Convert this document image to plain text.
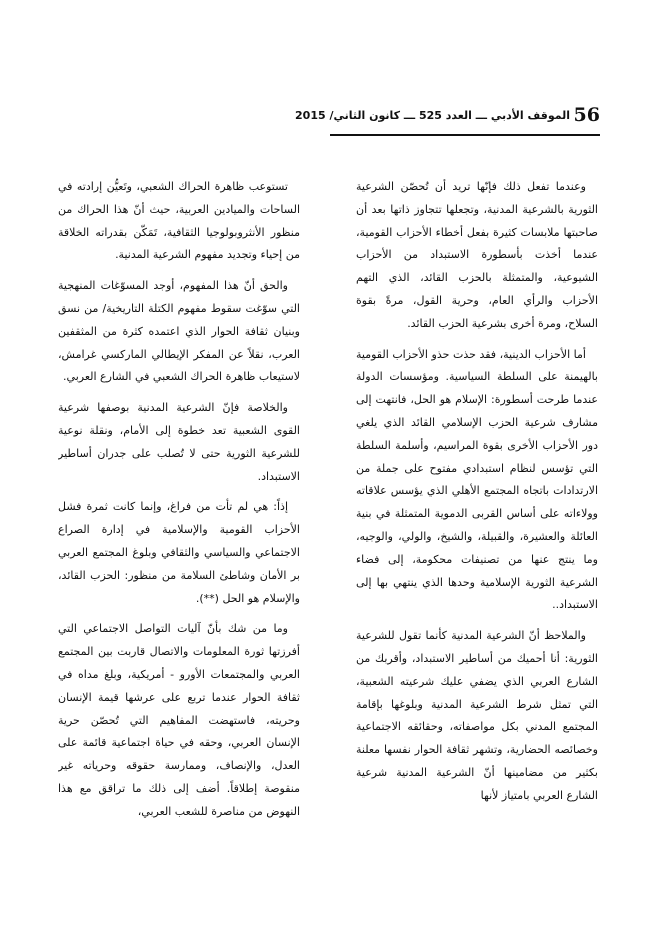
56
الموقف الأدبي ـــ العدد 525 ـــ كانون الثاني/ 2015

وعندما تفعل ذلك فإنّها تريد أن تُحصّن الشرعية الثورية بالشرعية المدنية، وتجعلها تتجاوز ذاتها بعد أن صاحبتها ملابسات كثيرة بفعل أخطاء الأحزاب القومية، عندما أخذت بأسطورة الاستبداد من الأحزاب الشيوعية، والمتمثلة بالحزب القائد، الذي التهم الأحزاب والرأي العام، وحرية القول، مرةً بقوة السلاح، ومرة أخرى بشرعية الحزب القائد.

أما الأحزاب الدينية، فقد حذت حذو الأحزاب القومية بالهيمنة على السلطة السياسية. ومؤسسات الدولة عندما طرحت أسطورة: الإسلام هو الحل، فانتهت إلى مشارف شرعية الحزب الإسلامي القائد الذي يلغي دور الأحزاب الأخرى بقوة المراسيم، وأسلمة السلطة التي تؤسس لنظام استبدادي مفتوح على جملة من الارتدادات باتجاه المجتمع الأهلي الذي يؤسس علاقاته وولاءاته على أساس القربى الدموية المتمثلة في بنية العائلة والعشيرة، والقبيلة، والشيخ، والولي، والوجيه، وما ينتج عنها من تصنيفات محكومة، إلى فضاء الشرعية الثورية الإسلامية وحدها الذي ينتهي بها إلى الاستبداد..

والملاحظ أنّ الشرعية المدنية كأنما تقول للشرعية الثورية: أنا أحميك من أساطير الاستبداد، وأقربك من الشارع العربي الذي يضفي عليك شرعيته الشعبية، التي تمثل شرط الشرعية المدنية وبلوغها بإقامة المجتمع المدني بكل مواصفاته، وحقائقه الاجتماعية وخصائصه الحضارية، وتشهر ثقافة الحوار نفسها معلنة بكثير من مضامينها أنّ الشرعية المدنية شرعية الشارع العربي بامتياز لأنها

تستوعب ظاهرة الحراك الشعبي، وتَعيُّن إرادته في الساحات والميادين العربية، حيث أنّ هذا الحراك من منظور الأنثروبولوجيا الثقافية، تَمَكّن بقدراته الخلاقة من إحياء وتجديد مفهوم الشرعية المدنية.

والحق أنّ هذا المفهوم، أوجد المسوّغات المنهجية التي سوّغت سقوط مفهوم الكتلة التاريخية/ من نسق وبنيان ثقافة الحوار الذي اعتمده كثرة من المثقفين العرب، نقلاً عن المفكر الإيطالي الماركسي غرامش، لاستيعاب ظاهرة الحراك الشعبي في الشارع العربي.

والخلاصة فإنّ الشرعية المدنية بوصفها شرعية القوى الشعبية تعد خطوة إلى الأمام، ونقلة نوعية للشرعية الثورية حتى لا تُصلب على جدران أساطير الاستبداد.

إذاً: هي لم تأت من فراغ، وإنما كانت ثمرة فشل الأحزاب القومية والإسلامية في إدارة الصراع الاجتماعي والسياسي والثقافي وبلوغ المجتمع العربي بر الأمان وشاطئ السلامة من منظور: الحزب القائد، والإسلام هو الحل (**).

وما من شك بأنّ آليات التواصل الاجتماعي التي أفرزتها ثورة المعلومات والاتصال قاربت بين المجتمع العربي والمجتمعات الأورو - أمريكية، وبلغ مداه في ثقافة الحوار عندما تربع على عرشها قيمة الإنسان وحريته، فاستهضت المفاهيم التي تُحصّن حرية الإنسان العربي، وحقه في حياة اجتماعية قائمة على العدل، والإنصاف، وممارسة حقوقه وحرياته غير منقوصة إطلاقاً. أضف إلى ذلك ما تراقق مع هذا النهوض من مناصرة للشعب العربي،
